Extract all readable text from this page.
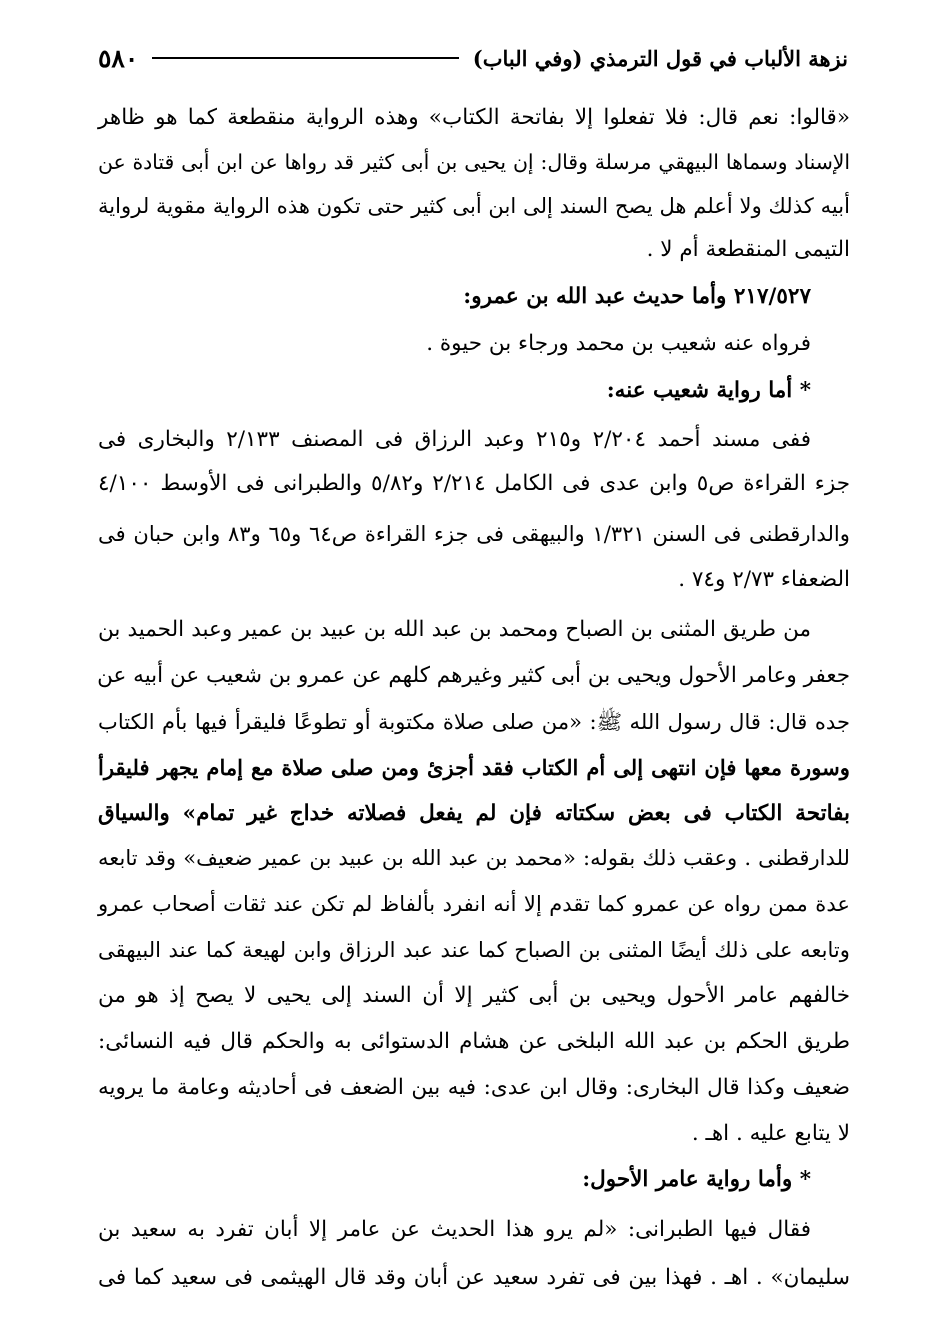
نزهة الألباب في قول الترمذي (وفي الباب)
٥٨٠
«قالوا: نعم قال: فلا تفعلوا إلا بفاتحة الكتاب» وهذه الرواية منقطعة كما هو ظاهر
الإسناد وسماها البيهقي مرسلة وقال: إن يحيى بن أبى كثير قد رواها عن ابن أبى قتادة عن
أبيه كذلك ولا أعلم هل يصح السند إلى ابن أبى كثير حتى تكون هذه الرواية مقوية لرواية
التيمى المنقطعة أم لا .
٢١٧/٥٢٧ وأما حديث عبد الله بن عمرو:
فرواه عنه شعيب بن محمد ورجاء بن حيوة .
* أما رواية شعيب عنه:
ففى مسند أحمد ٢/٢٠٤ و٢١٥ وعبد الرزاق فى المصنف ٢/١٣٣ والبخارى فى
جزء القراءة ص٥ وابن عدى فى الكامل ٢/٢١٤ و٥/٨٢ والطبرانى فى الأوسط ٤/١٠٠
والدارقطنى فى السنن ١/٣٢١ والبيهقى فى جزء القراءة ص٦٤ و٦٥ و٨٣ وابن حبان فى
الضعفاء ٢/٧٣ و٧٤ .
من طريق المثنى بن الصباح ومحمد بن عبد الله بن عبيد بن عمير وعبد الحميد بن
جعفر وعامر الأحول ويحيى بن أبى كثير وغيرهم كلهم عن عمرو بن شعيب عن أبيه عن
جده قال: قال رسول الله ﷺ: «من صلى صلاة مكتوبة أو تطوعًا فليقرأ فيها بأم الكتاب
وسورة معها فإن انتهى إلى أم الكتاب فقد أجزئ ومن صلى صلاة مع إمام يجهر فليقرأ
بفاتحة الكتاب فى بعض سكتاته فإن لم يفعل فصلاته خداج غير تمام» والسياق
للدارقطنى . وعقب ذلك بقوله: «محمد بن عبد الله بن عبيد بن عمير ضعيف» وقد تابعه
عدة ممن رواه عن عمرو كما تقدم إلا أنه انفرد بألفاظ لم تكن عند ثقات أصحاب عمرو
وتابعه على ذلك أيضًا المثنى بن الصباح كما عند عبد الرزاق وابن لهيعة كما عند البيهقى
خالفهم عامر الأحول ويحيى بن أبى كثير إلا أن السند إلى يحيى لا يصح إذ هو من
طريق الحكم بن عبد الله البلخى عن هشام الدستوائى به والحكم قال فيه النسائى:
ضعيف وكذا قال البخارى: وقال ابن عدى: فيه بين الضعف فى أحاديثه وعامة ما يرويه
لا يتابع عليه . اهـ .
* وأما رواية عامر الأحول:
فقال فيها الطبرانى: «لم يرو هذا الحديث عن عامر إلا أبان تفرد به سعيد بن
سليمان» . اهـ . فهذا بين فى تفرد سعيد عن أبان وقد قال الهيثمى فى سعيد كما فى
